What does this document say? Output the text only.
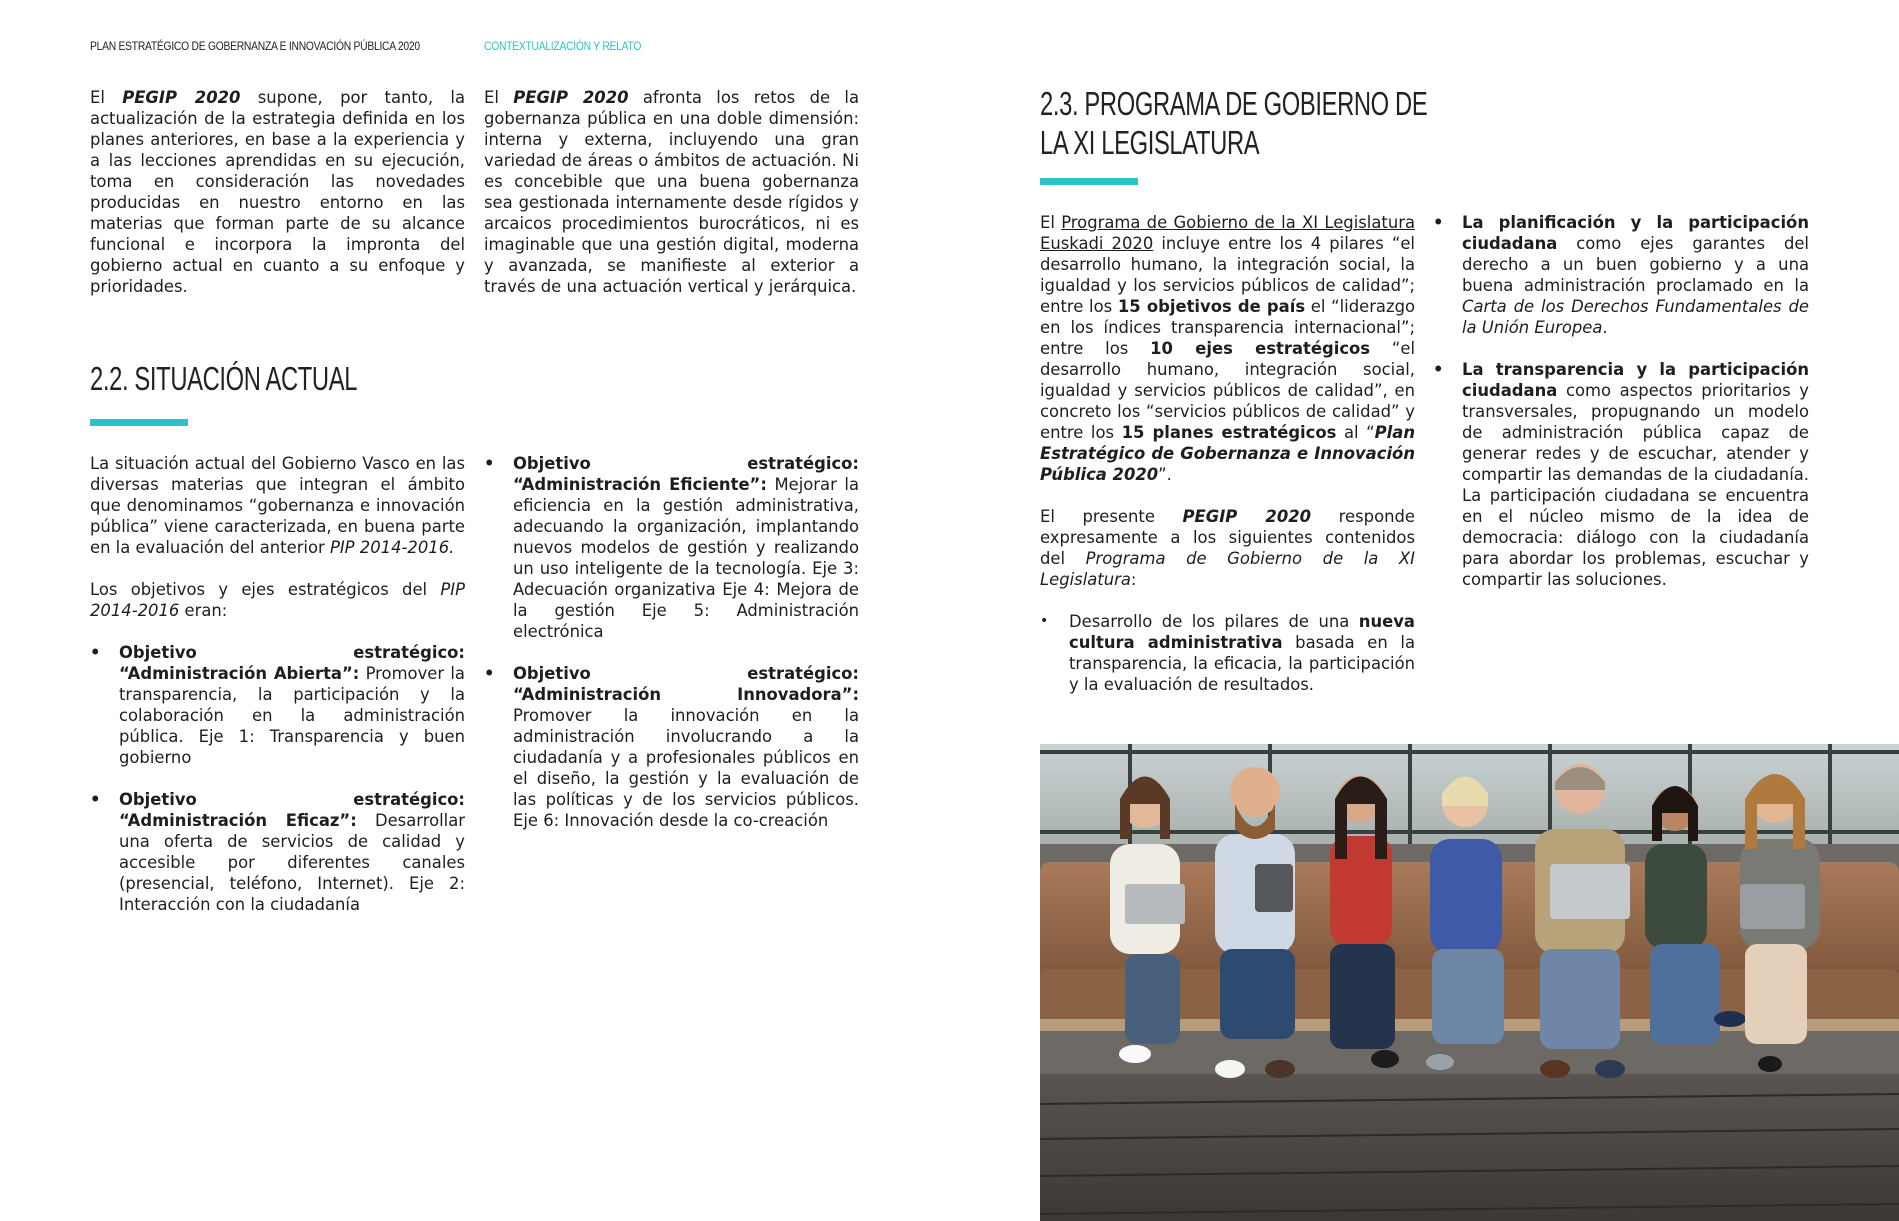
PLAN ESTRATÉGICO DE GOBERNANZA E INNOVACIÓN PÚBLICA 2020	CONTEXTUALIZACIÓN Y RELATO

El PEGIP 2020 supone, por tanto, la actualización de la estrategia definida en los planes anteriores, en base a la experiencia y a las lecciones aprendidas en su ejecución, toma en consideración las novedades producidas en nuestro entorno en las materias que forman parte de su alcance funcional e incorpora la impronta del gobierno actual en cuanto a su enfoque y prioridades.

El PEGIP 2020 afronta los retos de la gobernanza pública en una doble dimensión: interna y externa, incluyendo una gran variedad de áreas o ámbitos de actuación. Ni es concebible que una buena gobernanza sea gestionada internamente desde rígidos y arcaicos procedimientos burocráticos, ni es imaginable que una gestión digital, moderna y avanzada, se manifieste al exterior a través de una actuación vertical y jerárquica.

2.2. SITUACIÓN ACTUAL

La situación actual del Gobierno Vasco en las diversas materias que integran el ámbito que denominamos “gobernanza e innovación pública” viene caracterizada, en buena parte en la evaluación del anterior PIP 2014-2016.

Los objetivos y ejes estratégicos del PIP 2014-2016 eran:

• Objetivo estratégico: “Administración Abierta”: Promover la transparencia, la participación y la colaboración en la administración pública. Eje 1: Transparencia y buen gobierno
• Objetivo estratégico: “Administración Eficaz”: Desarrollar una oferta de servicios de calidad y accesible por diferentes canales (presencial, teléfono, Internet). Eje 2: Interacción con la ciudadanía
• Objetivo estratégico: “Administración Eficiente”: Mejorar la eficiencia en la gestión administrativa, adecuando la organización, implantando nuevos modelos de gestión y realizando un uso inteligente de la tecnología. Eje 3: Adecuación organizativa Eje 4: Mejora de la gestión Eje 5: Administración electrónica
• Objetivo estratégico: “Administración Innovadora”: Promover la innovación en la administración involucrando a la ciudadanía y a profesionales públicos en el diseño, la gestión y la evaluación de las políticas y de los servicios públicos. Eje 6: Innovación desde la co-creación
2.3. PROGRAMA DE GOBIERNO DE
LA XI LEGISLATURA

El Programa de Gobierno de la XI Legislatura Euskadi 2020 incluye entre los 4 pilares “el desarrollo humano, la integración social, la igualdad y los servicios públicos de calidad”; entre los 15 objetivos de país el “liderazgo en los índices transparencia internacional”; entre los 10 ejes estratégicos “el desarrollo humano, integración social, igualdad y servicios públicos de calidad”, en concreto los “servicios públicos de calidad” y entre los 15 planes estratégicos al “Plan Estratégico de Gobernanza e Innovación Pública 2020”.

El presente PEGIP 2020 responde expresamente a los siguientes contenidos del Programa de Gobierno de la XI Legislatura:

• Desarrollo de los pilares de una nueva cultura administrativa basada en la transparencia, la eficacia, la participación y la evaluación de resultados.
• La planificación y la participación ciudadana como ejes garantes del derecho a un buen gobierno y a una buena administración proclamado en la Carta de los Derechos Fundamentales de la Unión Europea.
• La transparencia y la participación ciudadana como aspectos prioritarios y transversales, propugnando un modelo de administración pública capaz de generar redes y de escuchar, atender y compartir las demandas de la ciudadanía. La participación ciudadana se encuentra en el núcleo mismo de la idea de democracia: diálogo con la ciudadanía para abordar los problemas, escuchar y compartir las soluciones.
